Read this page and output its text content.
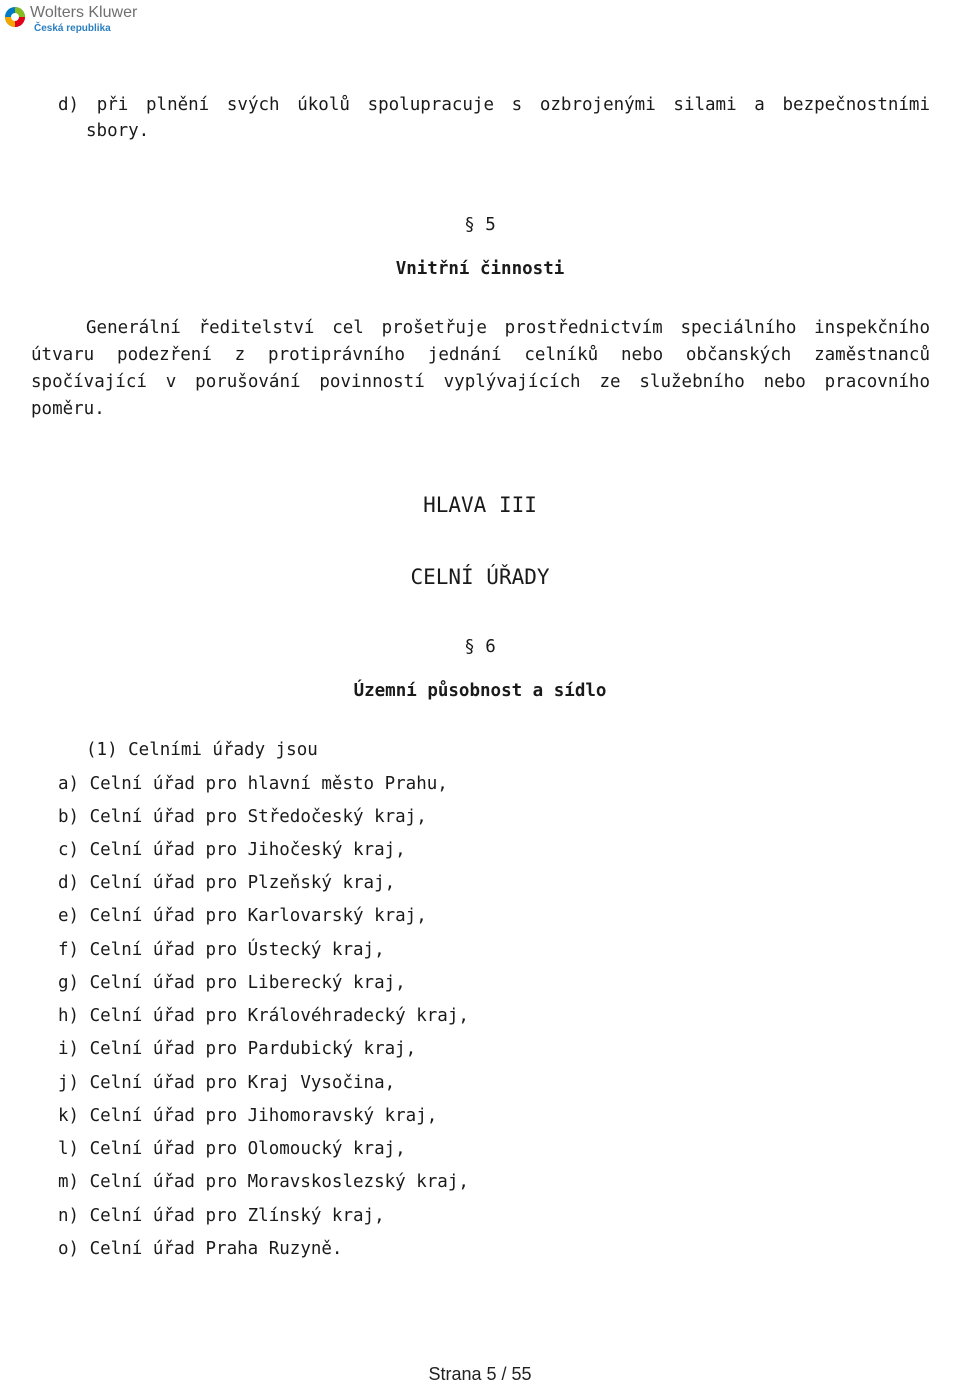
Wolters Kluwer
Česká republika
d) při plnění svých úkolů spolupracuje s ozbrojenými silami a bezpečnostními
sbory.
§ 5
Vnitřní činnosti
Generální ředitelství cel prošetřuje prostřednictvím speciálního inspekčního
útvaru podezření z protiprávního jednání celníků nebo občanských zaměstnanců
spočívající v porušování povinností vyplývajících ze služebního nebo pracovního
poměru.
HLAVA III
CELNÍ ÚŘADY
§ 6
Územní působnost a sídlo
(1) Celními úřady jsou
a) Celní úřad pro hlavní město Prahu,
b) Celní úřad pro Středočeský kraj,
c) Celní úřad pro Jihočeský kraj,
d) Celní úřad pro Plzeňský kraj,
e) Celní úřad pro Karlovarský kraj,
f) Celní úřad pro Ústecký kraj,
g) Celní úřad pro Liberecký kraj,
h) Celní úřad pro Královéhradecký kraj,
i) Celní úřad pro Pardubický kraj,
j) Celní úřad pro Kraj Vysočina,
k) Celní úřad pro Jihomoravský kraj,
l) Celní úřad pro Olomoucký kraj,
m) Celní úřad pro Moravskoslezský kraj,
n) Celní úřad pro Zlínský kraj,
o) Celní úřad Praha Ruzyně.
Strana 5 / 55
